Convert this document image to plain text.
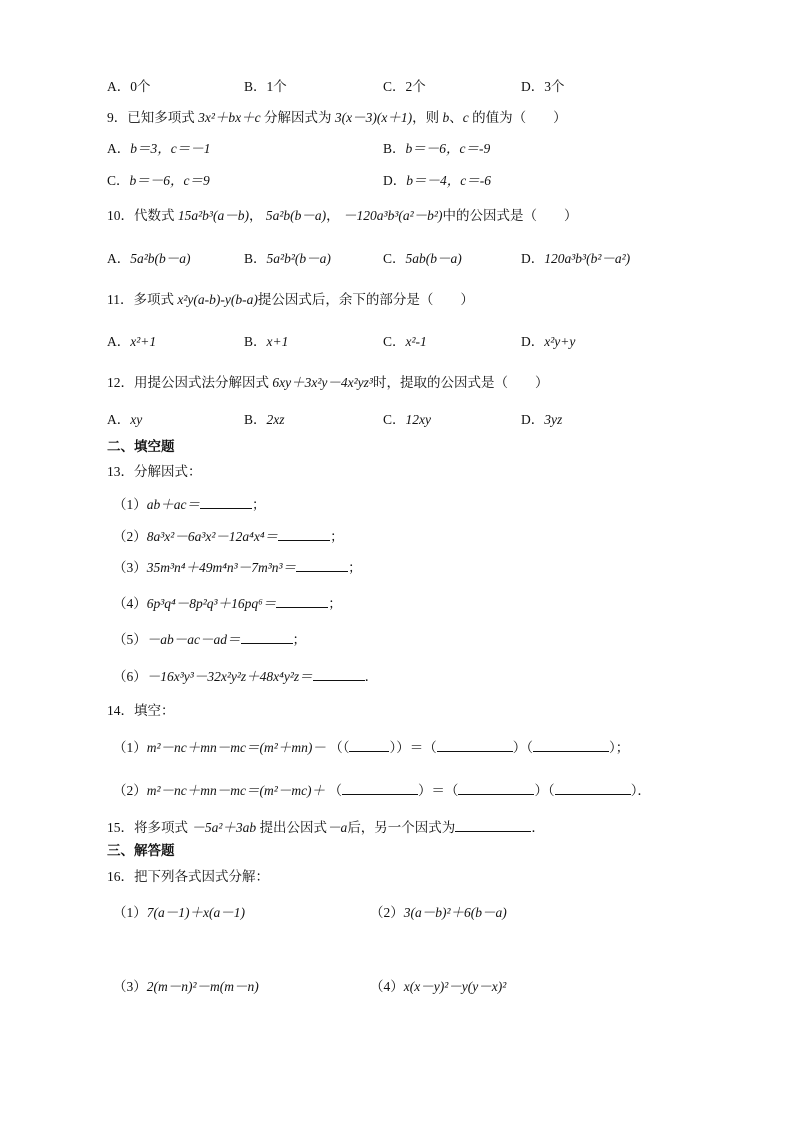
A．0个	B．1个	C．2个	D．3个
9．已知多项式 3x²＋bx＋c 分解因式为 3(x－3)(x＋1)，则 b、c 的值为（　　）
A．b＝3，c＝－1	B．b＝－6，c＝-9
C．b＝－6，c＝9	D．b＝－4，c＝-6
10．代数式 15a²b³(a－b)， 5a²b(b－a)， －120a³b³(a²－b²)中的公因式是（　　）
A．5a²b(b－a)	B．5a²b²(b－a)	C．5ab(b－a)	D．120a³b³(b²－a²)
11．多项式 x²y(a-b)-y(b-a)提公因式后，余下的部分是（　　）
A．x²+1	B．x+1	C．x²-1	D．x²y+y
12．用提公因式法分解因式 6xy＋3x²y－4x²yz³时，提取的公因式是（　　）
A．xy	B．2xz	C．12xy	D．3yz
二、填空题
13．分解因式：
（1）ab＋ac＝	；
（2）8a³x²－6a³x²－12a⁴x⁴＝	；
（3）35m³n⁴＋49m⁴n³－7m³n³＝	；
（4）6p³q⁴－8p²q³＋16pq⁶＝	；
（5）－ab－ac－ad＝	；
（6）－16x³y³－32x²y²z＋48x⁴y²z＝	．
14．填空：
（1）m²－nc＋mn－mc＝(m²＋mn)－ （（	））＝（	）（	）；
（2）m²－nc＋mn－mc＝(m²－mc)＋ （	）＝（	）（	）．
15．将多项式 －5a²＋3ab 提出公因式－a后，另一个因式为	．
三、解答题
16．把下列各式因式分解：
（1）7(a－1)＋x(a－1)	（2）3(a－b)²＋6(b－a)
（3）2(m－n)²－m(m－n)	（4）x(x－y)²－y(y－x)²
